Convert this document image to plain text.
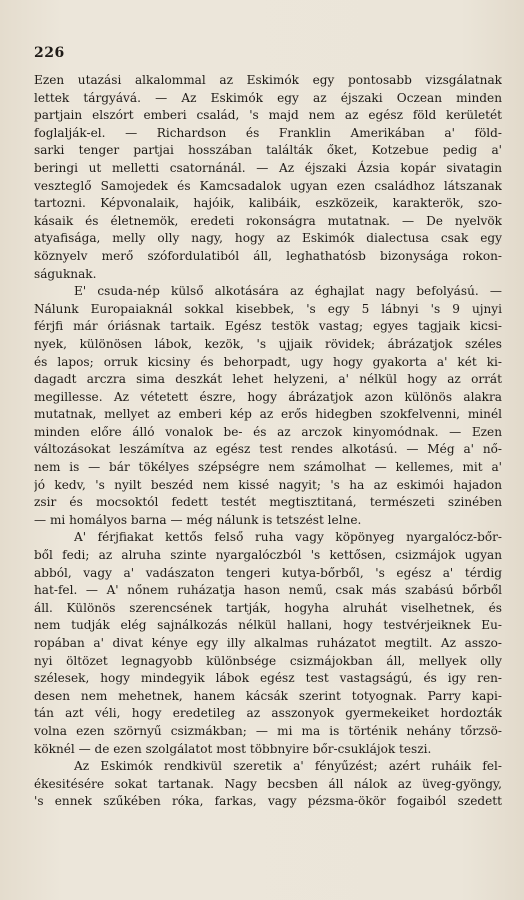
226
Ezen utazási alkalommal az Eskimók egy pontosabb vizsgálatnak
lettek tárgyává. — Az Eskimók egy az éjszaki Oczean minden
partjain elszórt emberi család, 's majd nem az egész föld kerületét
foglalják-el. — Richardson és Franklin Amerikában a' föld-
sarki tenger partjai hosszában találták őket, Kotzebue pedig a'
beringi ut melletti csatornánál. — Az éjszaki Ázsia kopár sivatagin
veszteglő Samojedek és Kamcsadalok ugyan ezen családhoz látszanak
tartozni. Képvonalaik, hajóik, kalibáik, eszközeik, karakterök, szo-
kásaik és életnemök, eredeti rokonságra mutatnak. — De nyelvök
atyafisága, melly olly nagy, hogy az Eskimók dialectusa csak egy
köznyelv merő szófordulatiból áll, leghathatósb bizonysága rokon-
ságuknak.
E' csuda-nép külső alkotására az éghajlat nagy befolyású. —
Nálunk Europaiaknál sokkal kisebbek, 's egy 5 lábnyi 's 9 ujnyi
férjfi már óriásnak tartaik. Egész testök vastag; egyes tagjaik kicsi-
nyek, különösen lábok, kezök, 's ujjaik rövidek; ábrázatjok széles
és lapos; orruk kicsiny és behorpadt, ugy hogy gyakorta a' két ki-
dagadt arczra sima deszkát lehet helyzeni, a' nélkül hogy az orrát
megillesse. Az vétetett észre, hogy ábrázatjok azon különös alakra
mutatnak, mellyet az emberi kép az erős hidegben szokfelvenni, minél
minden előre álló vonalok be- és az arczok kinyomódnak. — Ezen
változásokat leszámítva az egész test rendes alkotású. — Még a' nő-
nem is — bár tökélyes szépségre nem számolhat — kellemes, mit a'
jó kedv, 's nyilt beszéd nem kissé nagyit; 's ha az eskimói hajadon
zsir és mocsoktól fedett testét megtisztitaná, természeti szinében
— mi homályos barna — még nálunk is tetszést lelne.
A' férjfiakat kettős felső ruha vagy köpönyeg nyargalócz-bőr-
ből fedi; az alruha szinte nyargalóczból 's kettősen, csizmájok ugyan
abból, vagy a' vadászaton tengeri kutya-bőrből, 's egész a' térdig
hat-fel. — A' nőnem ruházatja hason nemű, csak más szabású bőrből
áll. Különös szerencsének tartják, hogyha alruhát viselhetnek, és
nem tudják elég sajnálkozás nélkül hallani, hogy testvérjeiknek Eu-
ropában a' divat kénye egy illy alkalmas ruházatot megtilt. Az asszo-
nyi öltözet legnagyobb különbsége csizmájokban áll, mellyek olly
szélesek, hogy mindegyik lábok egész test vastagságú, és igy ren-
desen nem mehetnek, hanem kácsák szerint totyognak. Parry kapi-
tán azt véli, hogy eredetileg az asszonyok gyermekeiket hordozták
volna ezen szörnyű csizmákban; — mi ma is történik nehány tőrzsö-
köknél — de ezen szolgálatot most többnyire bőr-csuklájok teszi.
Az Eskimók rendkivül szeretik a' fényűzést; azért ruháik fel-
ékesitésére sokat tartanak. Nagy becsben áll nálok az üveg-gyöngy,
's ennek szűkében róka, farkas, vagy pézsma-ökör fogaiból szedett
